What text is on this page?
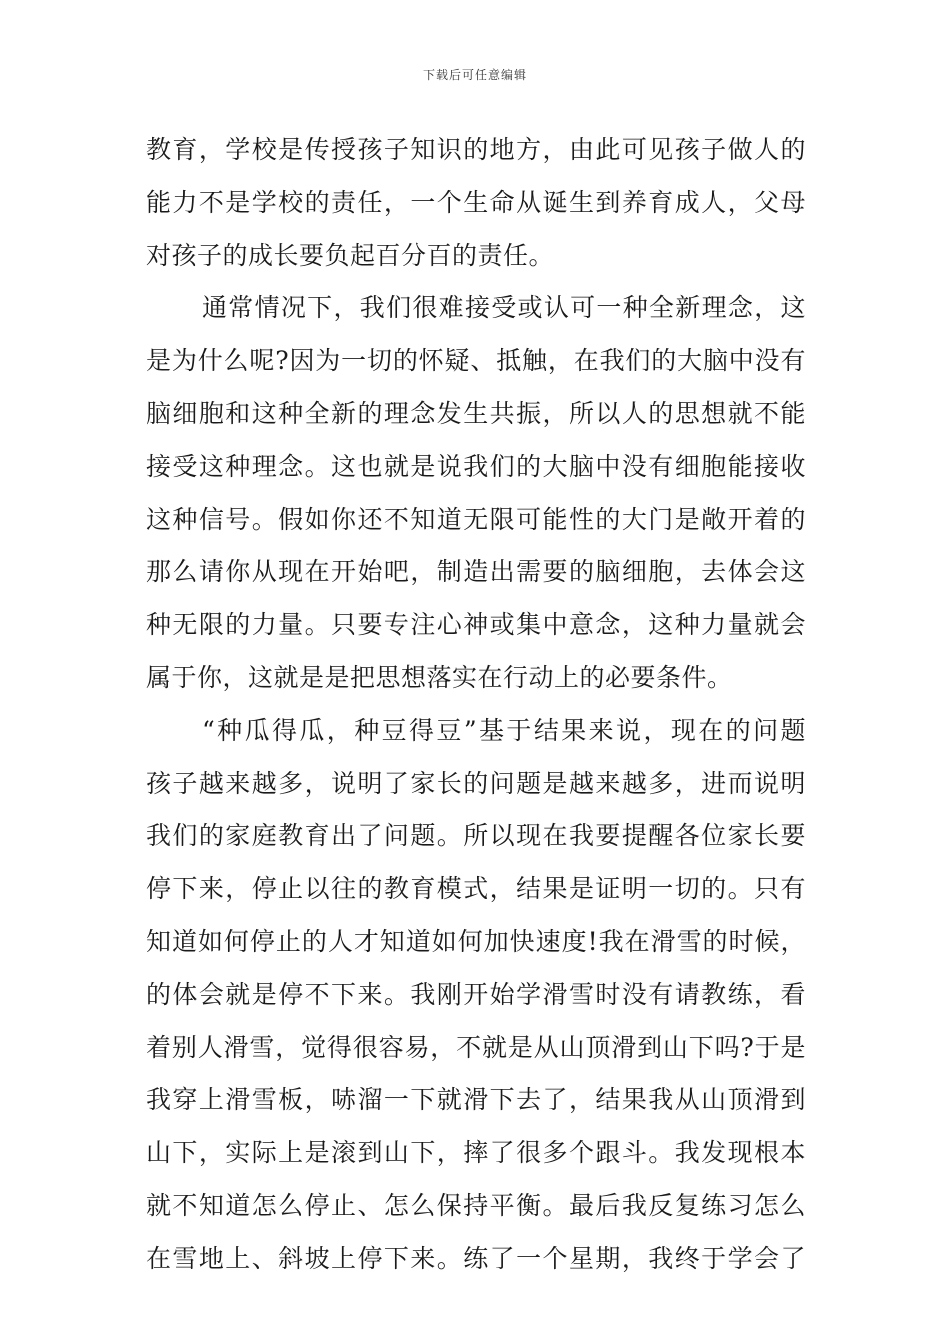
下载后可任意编辑
教育，学校是传授孩子知识的地方，由此可见孩子做人的
能力不是学校的责任，一个生命从诞生到养育成人，父母
对孩子的成长要负起百分百的责任。
通常情况下，我们很难接受或认可一种全新理念，这
是为什么呢?因为一切的怀疑、抵触，在我们的大脑中没有
脑细胞和这种全新的理念发生共振，所以人的思想就不能
接受这种理念。这也就是说我们的大脑中没有细胞能接收
这种信号。假如你还不知道无限可能性的大门是敞开着的
那么请你从现在开始吧，制造出需要的脑细胞，去体会这
种无限的力量。只要专注心神或集中意念，这种力量就会
属于你，这就是是把思想落实在行动上的必要条件。
“种瓜得瓜，种豆得豆”基于结果来说，现在的问题
孩子越来越多，说明了家长的问题是越来越多，进而说明
我们的家庭教育出了问题。所以现在我要提醒各位家长要
停下来，停止以往的教育模式，结果是证明一切的。只有
知道如何停止的人才知道如何加快速度!我在滑雪的时候，
的体会就是停不下来。我刚开始学滑雪时没有请教练，看
着别人滑雪，觉得很容易，不就是从山顶滑到山下吗?于是
我穿上滑雪板，哧溜一下就滑下去了，结果我从山顶滑到
山下，实际上是滚到山下，摔了很多个跟斗。我发现根本
就不知道怎么停止、怎么保持平衡。最后我反复练习怎么
在雪地上、斜坡上停下来。练了一个星期，我终于学会了
